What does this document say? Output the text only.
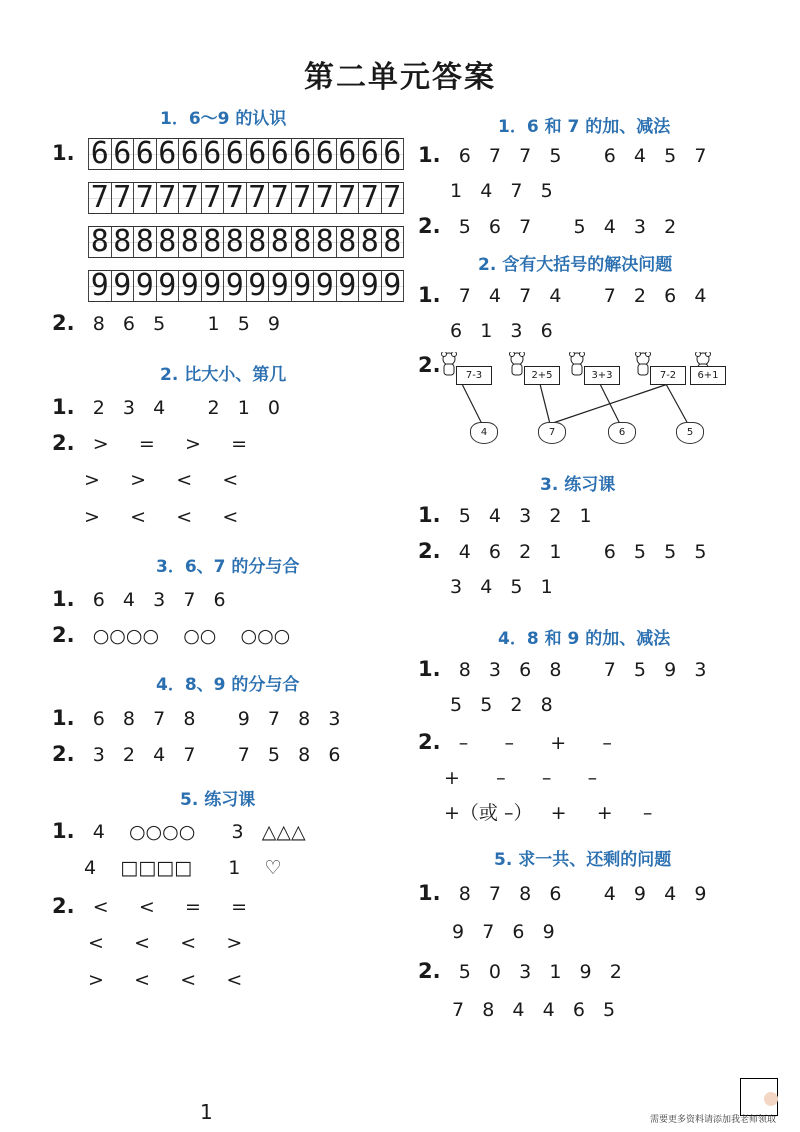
第二单元答案
1．6～9 的认识
1. 6 6 6 6 6 6 6 6 6 6 6 6 6 6
7 7 7 7 7 7 7 7 7 7 7 7 7 7
8 8 8 8 8 8 8 8 8 8 8 8 8 8
9 9 9 9 9 9 9 9 9 9 9 9 9 9
2. 8   6   5       1   5   9
2. 比大小、第几
1. 2   3   4       2   1   0
2. >     =     >     =
>     >     <     <
>     <     <     <
3．6、7 的分与合
1. 6   4   3   7   6
2. ○○○○    ○○    ○○○
4．8、9 的分与合
1. 6   8   7   8       9   7   8   3
2. 3   2   4   7       7   5   8   6
5. 练习课
1. 4    ○○○○      3   △△△
4    □□□□      1    ♡
2. <     <     =     =
<     <     <     >
>     <     <     <
1．6 和 7 的加、减法
1. 6   7   7   5       6   4   5   7
1   4   7   5
2. 5   6   7       5   4   3   2
2. 含有大括号的解决问题
1. 7   4   7   4       7   2   6   4
6   1   3   6
2.	7-3	2+5	3+3	7-2	6+1
4	7	6	5
3. 练习课
1. 5   4   3   2   1
2. 4   6   2   1       6   5   5   5
3   4   5   1
4．8 和 9 的加、减法
1. 8   3   6   8       7   5   9   3
5   5   2   8
2. –      –      +      –
+      –      –      –
+（或 –）   +     +     –
5. 求一共、还剩的问题
1. 8   7   8   6       4   9   4   9
9   7   6   9
2. 5   0   3   1   9   2
7   8   4   4   6   5
1	需要更多资料请添加我老师领取
